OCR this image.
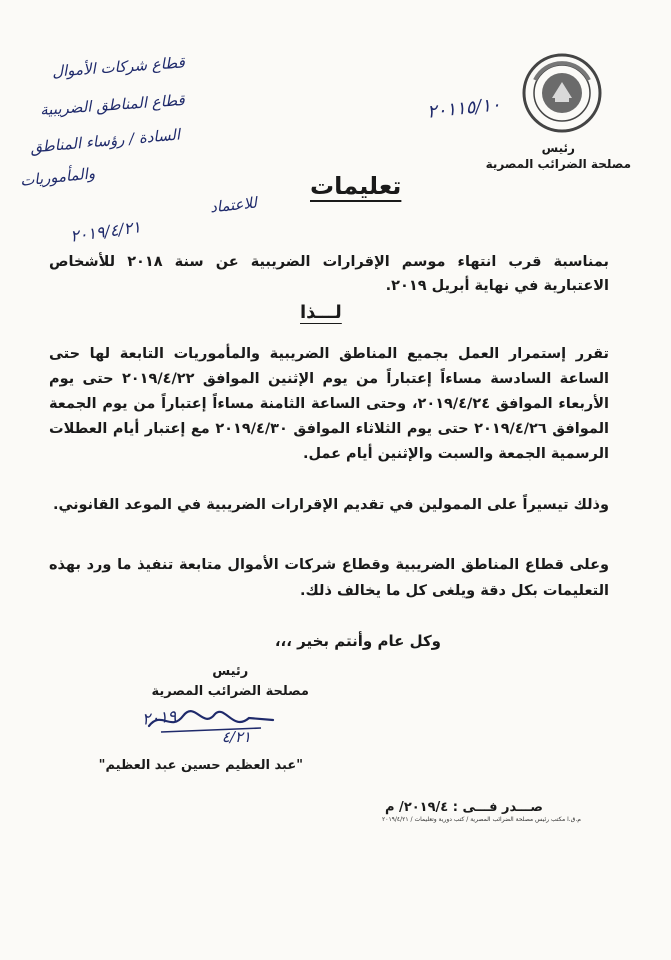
قطاع شركات الأموال
قطاع المناطق الضريبية
السادة / رؤساء المناطق
والمأموريات
للاعتماد
٢٠١٩/٤/٢١
٢٠١١٥/١٠
رئيس
مصلحة الضرائب المصرية
تعليمات
بمناسبة قرب انتهاء موسم الإقرارات الضريبية عن سنة ٢٠١٨ للأشخاص الاعتبارية في نهاية أبريل ٢٠١٩.
لـــذا
تقرر إستمرار العمل بجميع المناطق الضريبية والمأموريات التابعة لها حتى الساعة السادسة مساءاً إعتباراً من يوم الإثنين الموافق ٢٠١٩/٤/٢٢ حتى يوم الأربعاء الموافق ٢٠١٩/٤/٢٤، وحتى الساعة الثامنة مساءاً إعتباراً من يوم الجمعة الموافق ٢٠١٩/٤/٢٦ حتى يوم الثلاثاء الموافق ٢٠١٩/٤/٣٠ مع إعتبار أيام العطلات الرسمية الجمعة والسبت والإثنين أيام عمل.
وذلك تيسيراً على الممولين في تقديم الإقرارات الضريبية في الموعد القانوني.
وعلى قطاع المناطق الضريبية وقطاع شركات الأموال متابعة تنفيذ ما ورد بهذه التعليمات بكل دقة ويلغى كل ما يخالف ذلك.
وكل عام وأنتم بخير ،،،
رئيس
مصلحة الضرائب المصرية
٢٠١٩
٤/٢١
"عبد العظيم حسين عبد العظيم"
صـــدر فـــى : ٢٠١٩/٤/ م
م.ق.ا مكتب رئيس مصلحة الضرائب المصرية / كتب دورية وتعليمات / ٢٠١٩/٤/٢١
